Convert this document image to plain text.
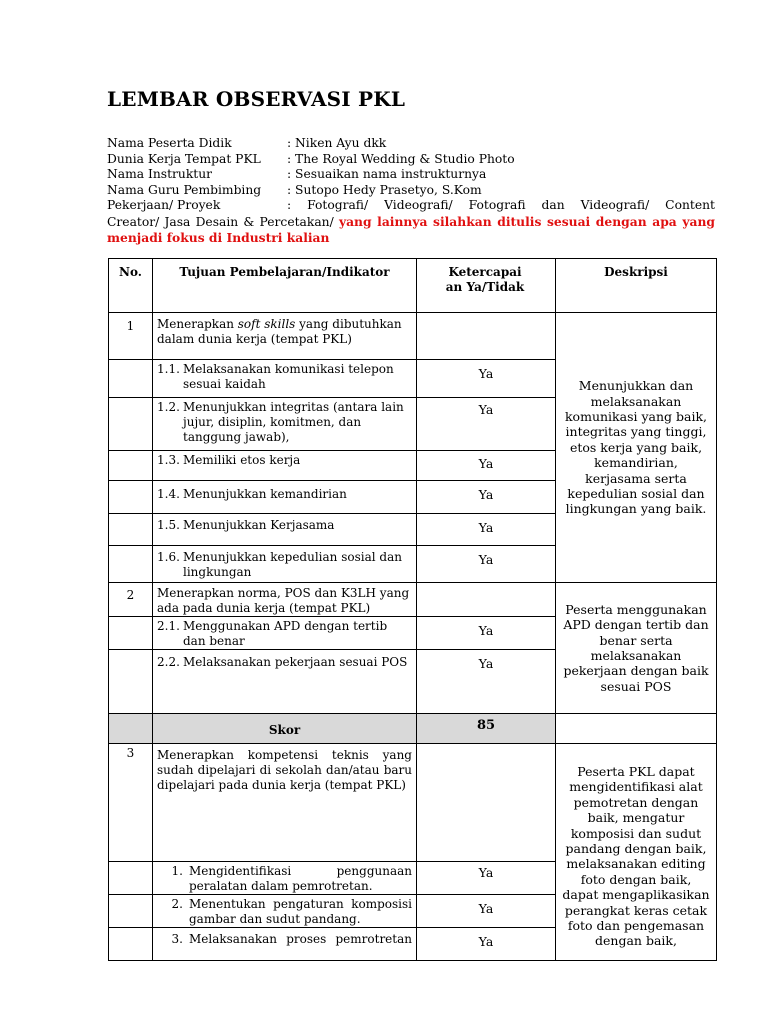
LEMBAR OBSERVASI PKL
Nama Peserta Didik	: Niken Ayu dkk
Dunia Kerja Tempat PKL	: The Royal Wedding & Studio Photo
Nama Instruktur	: Sesuaikan nama instrukturnya
Nama Guru Pembimbing	: Sutopo Hedy Prasetyo, S.Kom
Pekerjaan/ Proyek	: Fotografi/ Videografi/ Fotografi dan Videografi/ Content
Creator/ Jasa Desain & Percetakan/ yang lainnya silahkan ditulis sesuai dengan apa yang
menjadi fokus di Industri kalian
No.	Tujuan Pembelajaran/Indikator	Ketercapai an Ya/Tidak	Deskripsi
1	Menerapkan soft skills yang dibutuhkan dalam dunia kerja (tempat PKL)		Menunjukkan dan melaksanakan komunikasi yang baik, integritas yang tinggi, etos kerja yang baik, kemandirian, kerjasama serta kepedulian sosial dan lingkungan yang baik.

	1.1. Melaksanakan komunikasi telepon sesuai kaidah	Ya	

	1.2. Menunjukkan integritas (antara lain jujur, disiplin, komitmen, dan tanggung jawab),	Ya	

	1.3. Memiliki etos kerja	Ya	

	1.4. Menunjukkan kemandirian	Ya	

	1.5. Menunjukkan Kerjasama	Ya	

	1.6. Menunjukkan kepedulian sosial dan lingkungan	Ya	
2	Menerapkan norma, POS dan K3LH yang ada pada dunia kerja (tempat PKL)		Peserta menggunakan APD dengan tertib dan benar serta melaksanakan pekerjaan dengan baik sesuai POS

	2.1. Menggunakan APD dengan tertib dan benar	Ya	

	2.2. Melaksanakan pekerjaan sesuai POS	Ya	
	Skor	85	
3	Menerapkan kompetensi teknis yang sudah dipelajari di sekolah dan/atau baru dipelajari pada dunia kerja (tempat PKL)		Peserta PKL dapat mengidentifikasi alat pemotretan dengan baik, mengatur komposisi dan sudut pandang dengan baik, melaksanakan editing foto dengan baik, dapat mengaplikasikan perangkat keras cetak foto dan pengemasan dengan baik,

	1. Mengidentifikasi penggunaan peralatan dalam pemrotretan.	Ya	

	2. Menentukan pengaturan komposisi gambar dan sudut pandang.	Ya	

	3. Melaksanakan proses pemrotretan	Ya	
